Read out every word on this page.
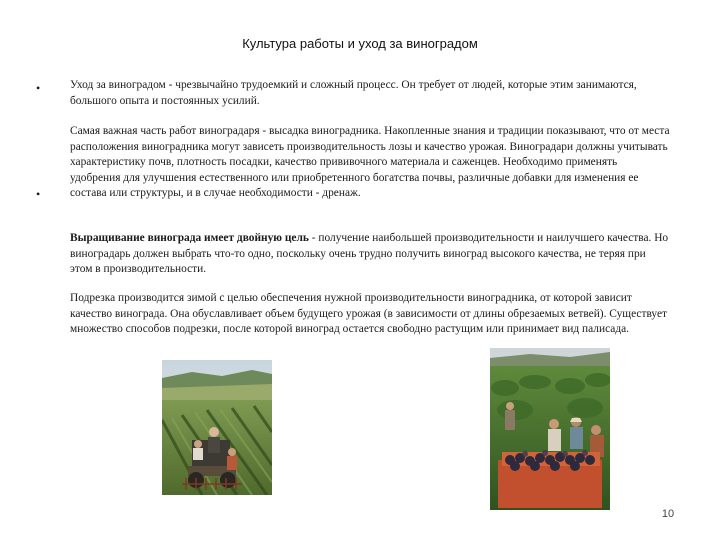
Культура работы и уход за виноградом
•
•
Уход за виноградом - чрезвычайно трудоемкий и сложный процесс. Он требует от людей, которые этим занимаются, большого опыта и постоянных усилий.
Самая важная часть работ виноградаря - высадка виноградника. Накопленные знания и традиции показывают, что от места расположения виноградника могут зависеть производительность лозы и качество урожая. Виноградари должны учитывать характеристику почв, плотность посадки, качество прививочного материала и саженцев. Необходимо применять удобрения для улучшения естественного или приобретенного богатства почвы, различные добавки для изменения ее состава или структуры, и в случае необходимости - дренаж.
Выращивание винограда имеет двойную цель - получение наибольшей производительности и наилучшего качества. Но виноградарь должен выбрать что-то одно, поскольку очень трудно получить виноград высокого качества, не теряя при этом в производительности.
Подрезка производится зимой с целью обеспечения нужной производительности виноградника, от которой зависит качество винограда. Она обуславливает объем будущего урожая (в зависимости от длины обрезаемых ветвей). Существует множество способов подрезки, после которой виноград остается свободно растущим или принимает вид палисада.
10
